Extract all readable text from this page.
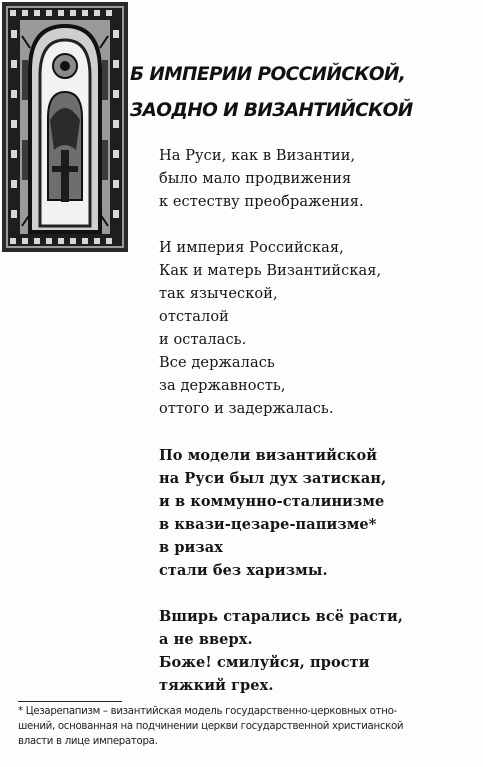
Б ИМПЕРИИ РОССИЙСКОЙ,
ЗАОДНО И ВИЗАНТИЙСКОЙ
На Руси, как в Византии,
было мало продвижения
к естеству преображения.
И империя Российская,
Как и матерь Византийская,
так языческой,
отсталой
и осталась.
Все держалась
за державность,
оттого и задержалась.
По модели византийской
на Руси был дух затискан,
и в коммунно-сталинизме
в квази-цезаре-папизме*
в ризах
стали без харизмы.
Вширь старались всё расти,
а не вверх.
Боже! смилуйся, прости
тяжкий грех.
* Цезарепапизм – византийская модель государственно-церковных отно-
шений, основанная на подчинении церкви государственной христианской
власти в лице императора.
